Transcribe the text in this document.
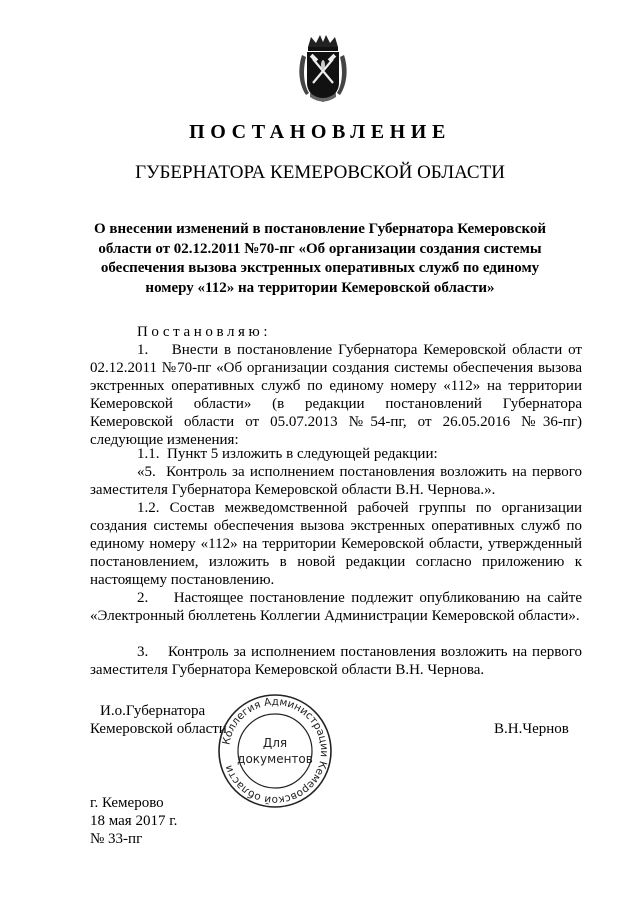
ПОСТАНОВЛЕНИЕ
ГУБЕРНАТОРА КЕМЕРОВСКОЙ ОБЛАСТИ
О внесении изменений в постановление Губернатора Кемеровской области от 02.12.2011 №70-пг «Об организации создания системы обеспечения вызова экстренных оперативных служб по единому номеру «112» на территории Кемеровской области»
Постановляю:
1.    Внести в постановление Губернатора Кемеровской области от 02.12.2011 №70-пг «Об организации создания системы обеспечения вызова экстренных оперативных служб по единому номеру «112» на территории Кемеровской области» (в редакции постановлений Губернатора Кемеровской области от 05.07.2013 №54-пг, от 26.05.2016 №36-пг) следующие изменения:
1.1.  Пункт 5 изложить в следующей редакции:
«5.  Контроль за исполнением постановления возложить на первого заместителя Губернатора Кемеровской области В.Н. Чернова.».
1.2. Состав межведомственной рабочей группы по организации создания системы обеспечения вызова экстренных оперативных служб по единому номеру «112» на территории Кемеровской области, утвержденный постановлением, изложить в новой редакции согласно приложению к настоящему постановлению.
2.    Настоящее постановление подлежит опубликованию на сайте «Электронный бюллетень Коллегии Администрации Кемеровской области».
3.    Контроль за исполнением постановления возложить на первого заместителя Губернатора Кемеровской области В.Н. Чернова.
И.о.Губернатора
Кемеровской области	В.Н.Чернов
Коллегия Администрации Кемеровской области
Для
документов
г. Кемерово
18 мая 2017 г.
№ 33-пг
